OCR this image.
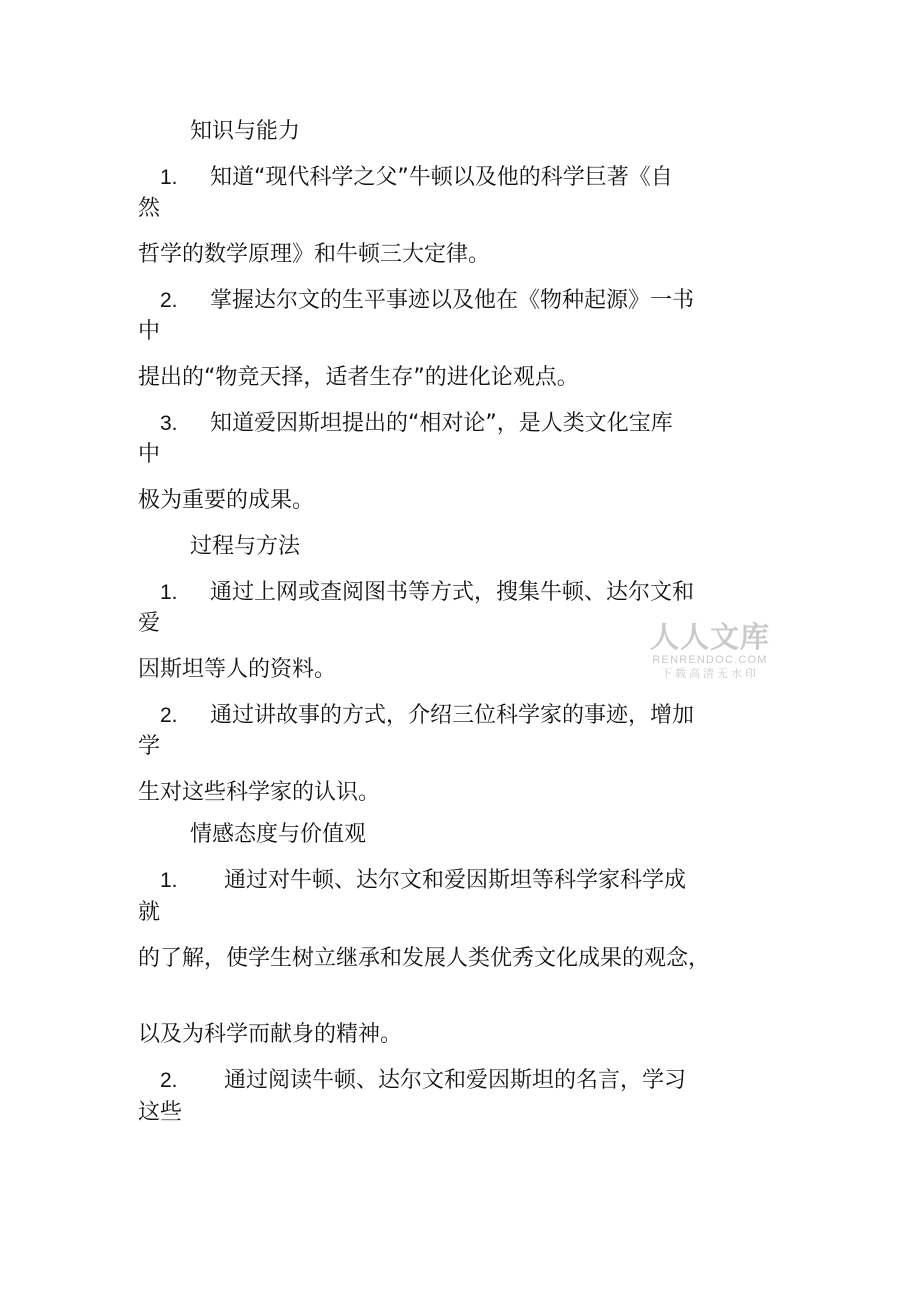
知识与能力
1. 知道“现代科学之父”牛顿以及他的科学巨著《自
然
哲学的数学原理》和牛顿三大定律。
2. 掌握达尔文的生平事迹以及他在《物种起源》一书
中
提出的“物竞天择，适者生存”的进化论观点。
3. 知道爱因斯坦提出的“相对论”，是人类文化宝库
中
极为重要的成果。
过程与方法
1. 通过上网或查阅图书等方式，搜集牛顿、达尔文和
爱
因斯坦等人的资料。
2. 通过讲故事的方式，介绍三位科学家的事迹，增加
学
生对这些科学家的认识。
情感态度与价值观
1. 通过对牛顿、达尔文和爱因斯坦等科学家科学成
就
的了解，使学生树立继承和发展人类优秀文化成果的观念，
以及为科学而献身的精神。
2. 通过阅读牛顿、达尔文和爱因斯坦的名言，学习
这些
人人文库
RENRENDOC.COM
下载高清无水印
